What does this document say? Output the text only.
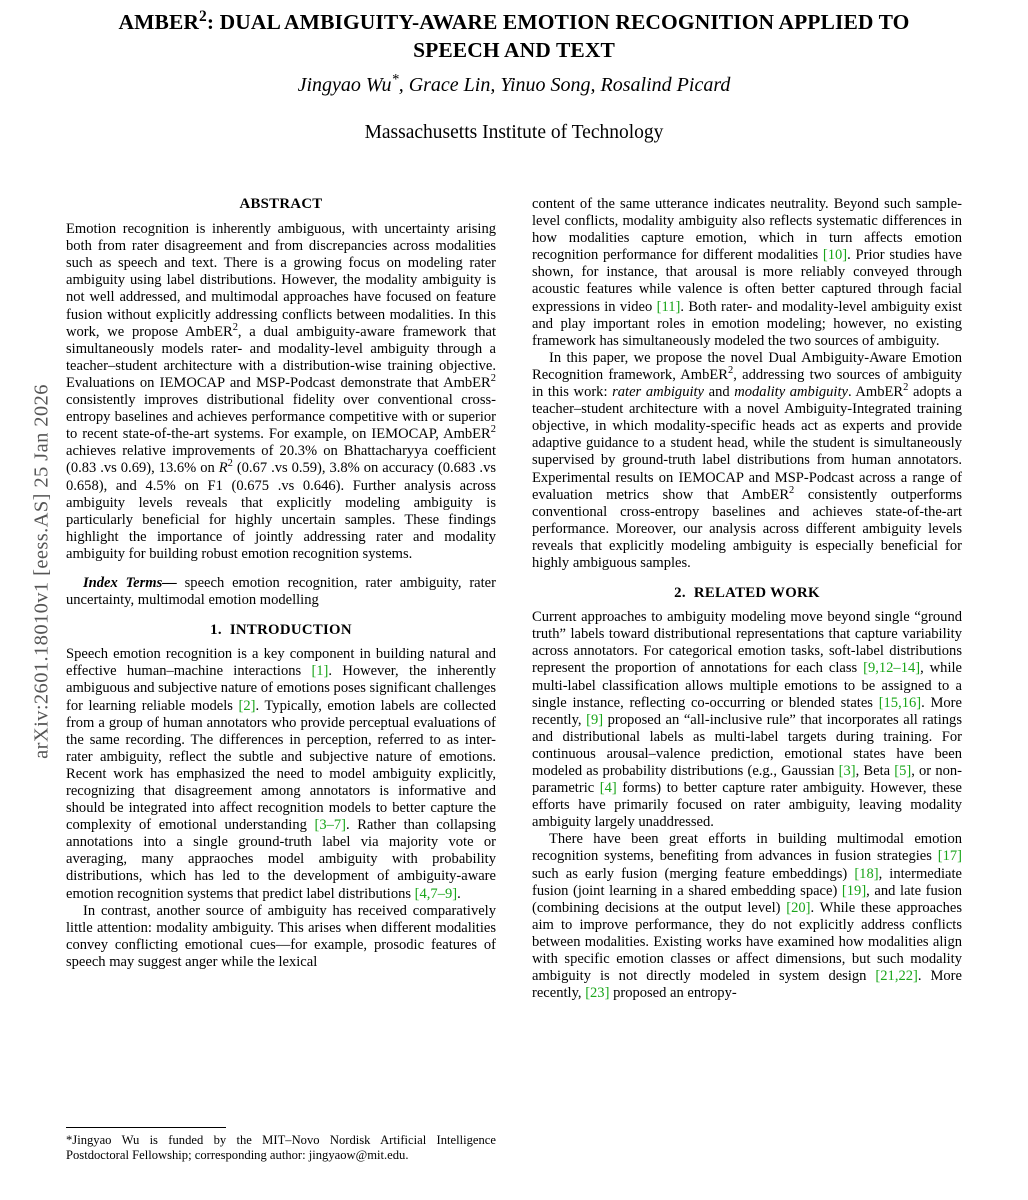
arXiv:2601.18010v1 [eess.AS] 25 Jan 2026
AMBER$^2$: DUAL AMBIGUITY-AWARE EMOTION RECOGNITION APPLIED TO SPEECH AND TEXT
Jingyao Wu*, Grace Lin, Yinuo Song, Rosalind Picard
Massachusetts Institute of Technology
ABSTRACT

Emotion recognition is inherently ambiguous, with uncertainty arising both from rater disagreement and from discrepancies across modalities such as speech and text. There is a growing focus on modeling rater ambiguity using label distributions. However, the modality ambiguity is not well addressed, and multimodal approaches have focused on feature fusion without explicitly addressing conflicts between modalities. In this work, we propose AmbER$^2$, a dual ambiguity-aware framework that simultaneously models rater- and modality-level ambiguity through a teacher–student architecture with a distribution-wise training objective. Evaluations on IEMOCAP and MSP-Podcast demonstrate that AmbER$^2$ consistently improves distributional fidelity over conventional cross-entropy baselines and achieves performance competitive with or superior to recent state-of-the-art systems. For example, on IEMOCAP, AmbER$^2$ achieves relative improvements of 20.3% on Bhattacharyya coefficient (0.83 .vs 0.69), 13.6% on $R^2$ (0.67 .vs 0.59), 3.8% on accuracy (0.683 .vs 0.658), and 4.5% on F1 (0.675 .vs 0.646). Further analysis across ambiguity levels reveals that explicitly modeling ambiguity is particularly beneficial for highly uncertain samples. These findings highlight the importance of jointly addressing rater and modality ambiguity for building robust emotion recognition systems.

Index Terms— speech emotion recognition, rater ambiguity, rater uncertainty, multimodal emotion modelling

1.  INTRODUCTION

Speech emotion recognition is a key component in building natural and effective human–machine interactions [1]. However, the inherently ambiguous and subjective nature of emotions poses significant challenges for learning reliable models [2]. Typically, emotion labels are collected from a group of human annotators who provide perceptual evaluations of the same recording. The differences in perception, referred to as inter-rater ambiguity, reflect the subtle and subjective nature of emotions. Recent work has emphasized the need to model ambiguity explicitly, recognizing that disagreement among annotators is informative and should be integrated into affect recognition models to better capture the complexity of emotional understanding [3–7]. Rather than collapsing annotations into a single ground-truth label via majority vote or averaging, many appraoches model ambiguity with probability distributions, which has led to the development of ambiguity-aware emotion recognition systems that predict label distributions [4,7–9].

In contrast, another source of ambiguity has received comparatively little attention: modality ambiguity. This arises when different modalities convey conflicting emotional cues—for example, prosodic features of speech may suggest anger while the lexical

content of the same utterance indicates neutrality. Beyond such sample-level conflicts, modality ambiguity also reflects systematic differences in how modalities capture emotion, which in turn affects emotion recognition performance for different modalities [10]. Prior studies have shown, for instance, that arousal is more reliably conveyed through acoustic features while valence is often better captured through facial expressions in video [11]. Both rater- and modality-level ambiguity exist and play important roles in emotion modeling; however, no existing framework has simultaneously modeled the two sources of ambiguity.

In this paper, we propose the novel Dual Ambiguity-Aware Emotion Recognition framework, AmbER$^2$, addressing two sources of ambiguity in this work: rater ambiguity and modality ambiguity. AmbER$^2$ adopts a teacher–student architecture with a novel Ambiguity-Integrated training objective, in which modality-specific heads act as experts and provide adaptive guidance to a student head, while the student is simultaneously supervised by ground-truth label distributions from human annotators. Experimental results on IEMOCAP and MSP-Podcast across a range of evaluation metrics show that AmbER$^2$ consistently outperforms conventional cross-entropy baselines and achieves state-of-the-art performance. Moreover, our analysis across different ambiguity levels reveals that explicitly modeling ambiguity is especially beneficial for highly ambiguous samples.

2.  RELATED WORK

Current approaches to ambiguity modeling move beyond single “ground truth” labels toward distributional representations that capture variability across annotators. For categorical emotion tasks, soft-label distributions represent the proportion of annotations for each class [9,12–14], while multi-label classification allows multiple emotions to be assigned to a single instance, reflecting co-occurring or blended states [15,16]. More recently, [9] proposed an “all-inclusive rule” that incorporates all ratings and distributional labels as multi-label targets during training. For continuous arousal–valence prediction, emotional states have been modeled as probability distributions (e.g., Gaussian [3], Beta [5], or non-parametric [4] forms) to better capture rater ambiguity. However, these efforts have primarily focused on rater ambiguity, leaving modality ambiguity largely unaddressed.

There have been great efforts in building multimodal emotion recognition systems, benefiting from advances in fusion strategies [17] such as early fusion (merging feature embeddings) [18], intermediate fusion (joint learning in a shared embedding space) [19], and late fusion (combining decisions at the output level) [20]. While these approaches aim to improve performance, they do not explicitly address conflicts between modalities. Existing works have examined how modalities align with specific emotion classes or affect dimensions, but such modality ambiguity is not directly modeled in system design [21,22]. More recently, [23] proposed an entropy-

*Jingyao Wu is funded by the MIT–Novo Nordisk Artificial Intelligence Postdoctoral Fellowship; corresponding author: jingyaow@mit.edu.
